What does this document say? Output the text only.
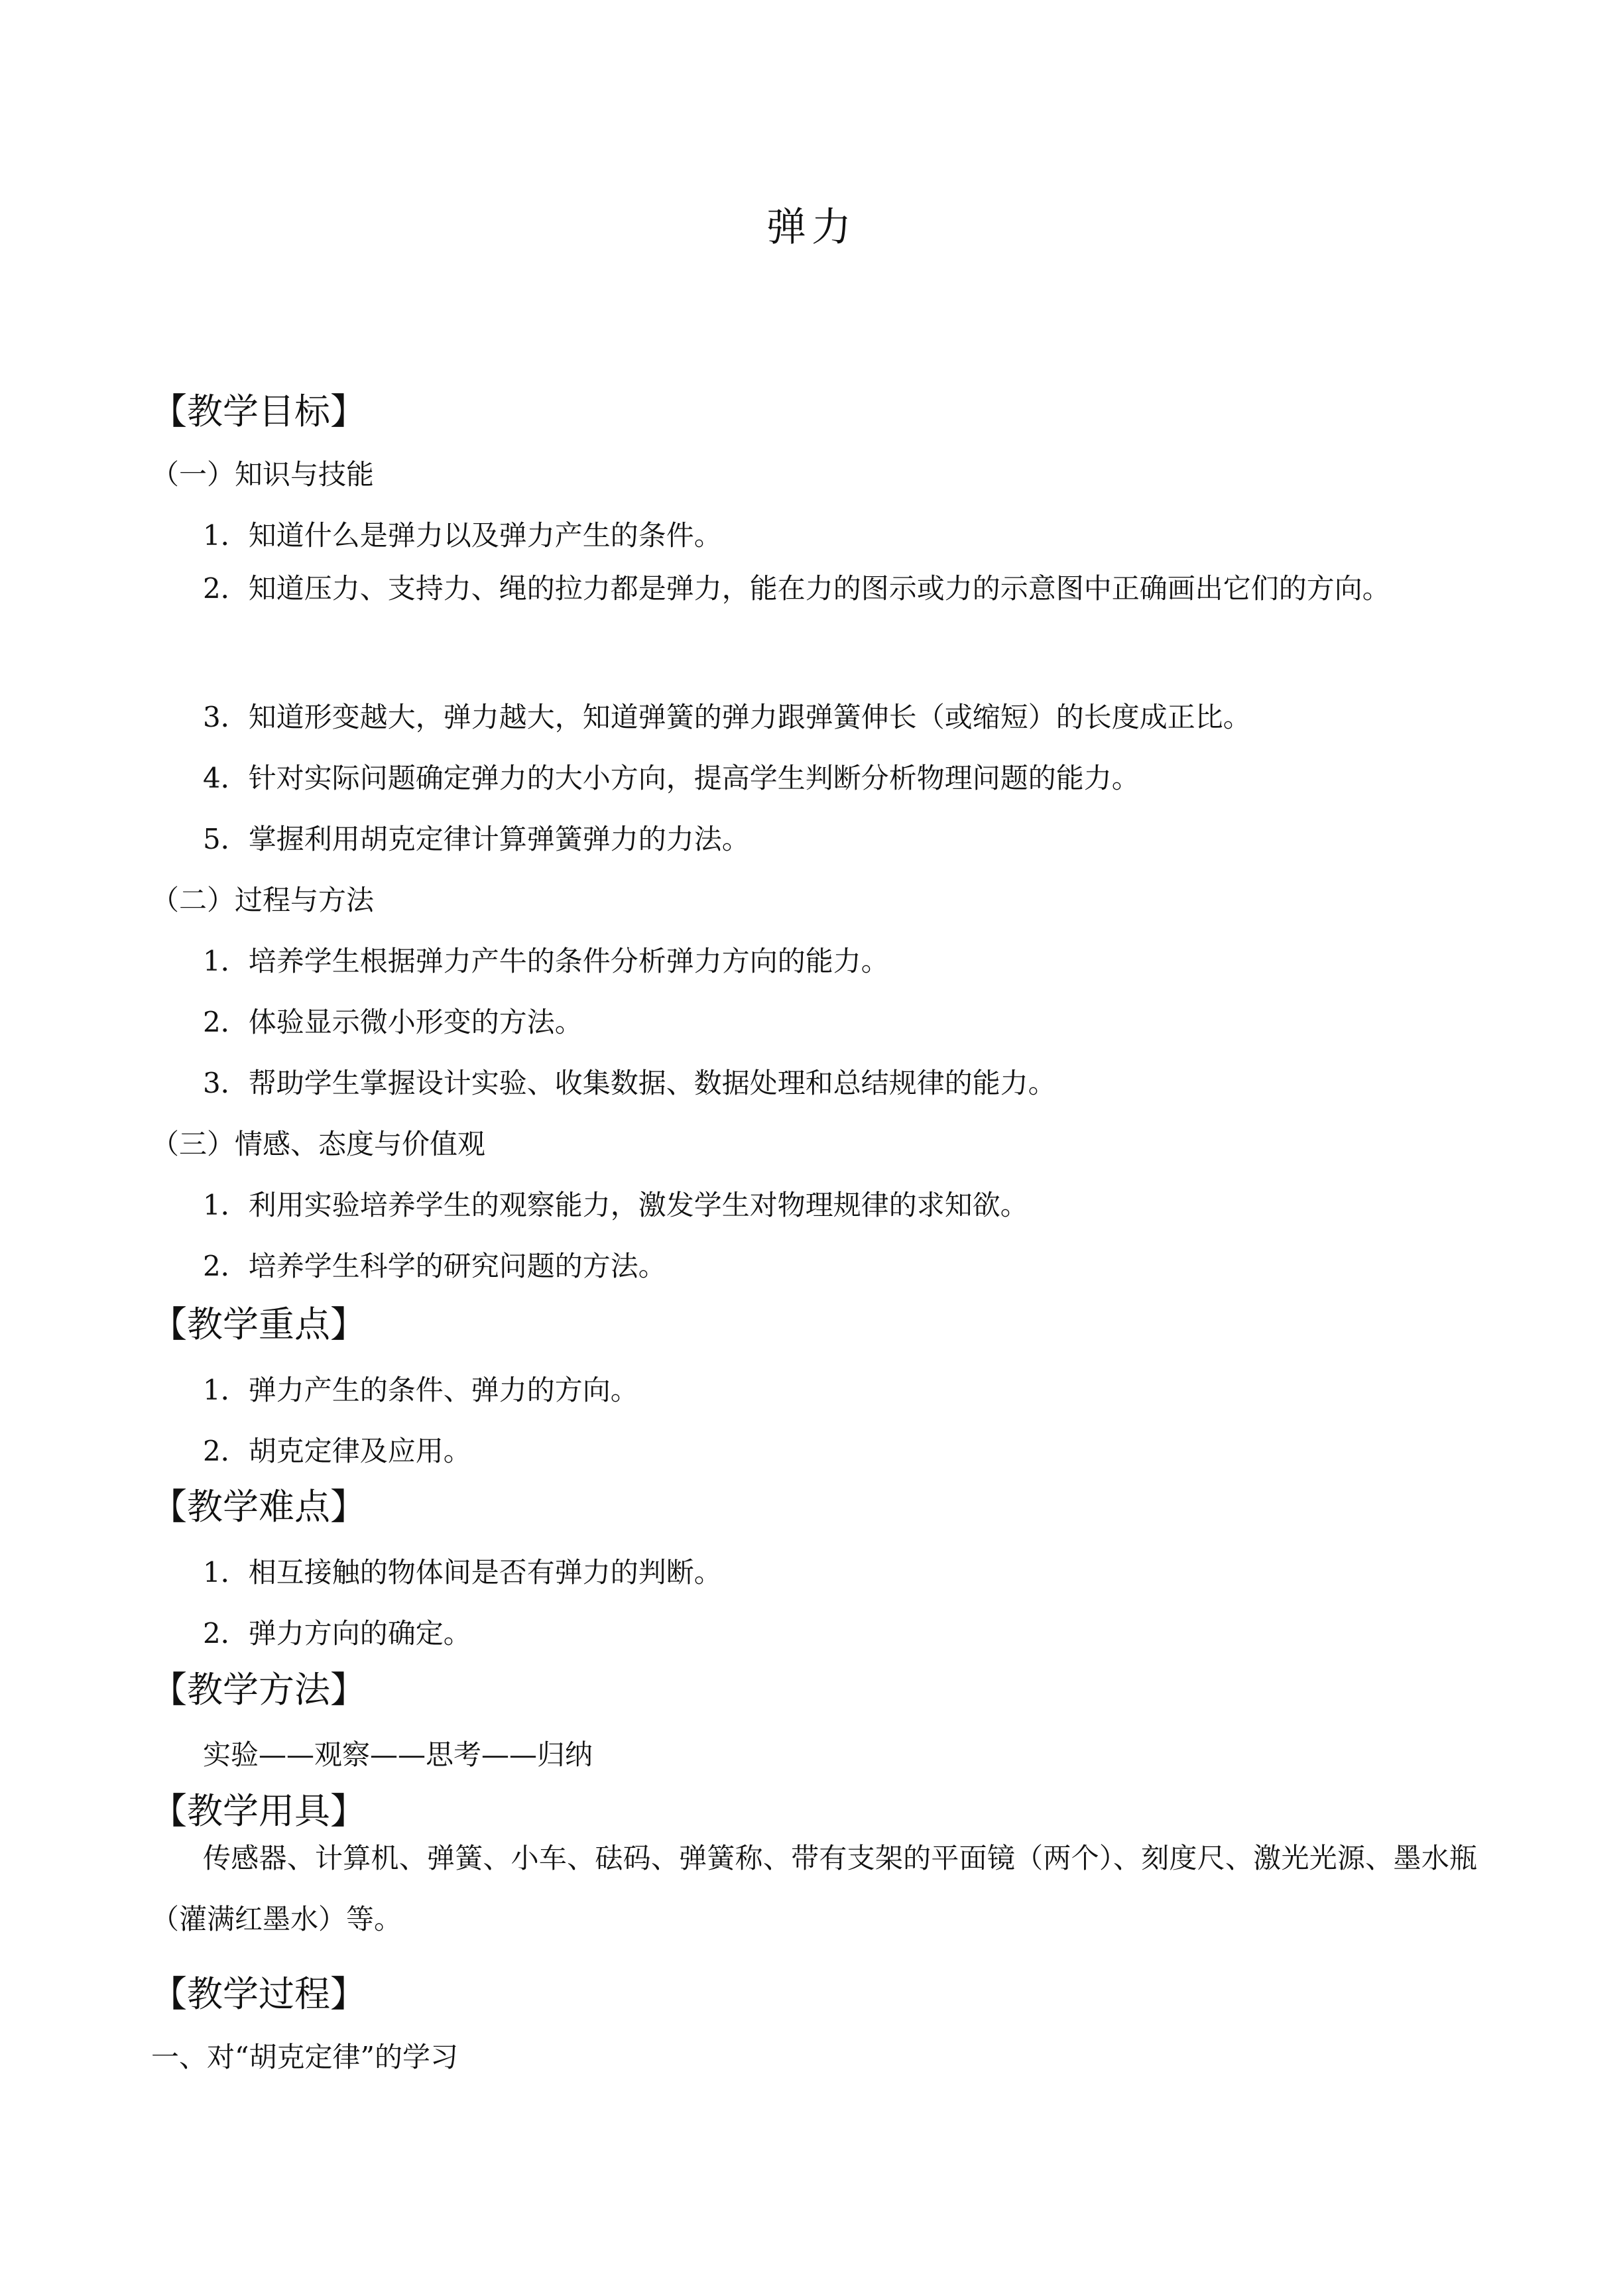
弹力
【教学目标】
（一）知识与技能
1．知道什么是弹力以及弹力产生的条件。
2．知道压力、支持力、绳的拉力都是弹力，能在力的图示或力的示意图中正确画出它们的方向。
3．知道形变越大，弹力越大，知道弹簧的弹力跟弹簧伸长（或缩短）的长度成正比。
4．针对实际问题确定弹力的大小方向，提高学生判断分析物理问题的能力。
5．掌握利用胡克定律计算弹簧弹力的力法。
（二）过程与方法
1．培养学生根据弹力产牛的条件分析弹力方向的能力。
2．体验显示微小形变的方法。
3．帮助学生掌握设计实验、收集数据、数据处理和总结规律的能力。
（三）情感、态度与价值观
1．利用实验培养学生的观察能力，激发学生对物理规律的求知欲。
2．培养学生科学的研究问题的方法。
【教学重点】
1．弹力产生的条件、弹力的方向。
2．胡克定律及应用。
【教学难点】
1．相互接触的物体间是否有弹力的判断。
2．弹力方向的确定。
【教学方法】
实验——观察——思考——归纳
【教学用具】
传感器、计算机、弹簧、小车、砝码、弹簧称、带有支架的平面镜（两个）、刻度尺、激光光源、墨水瓶（灌满红墨水）等。
【教学过程】
一、对“胡克定律”的学习
